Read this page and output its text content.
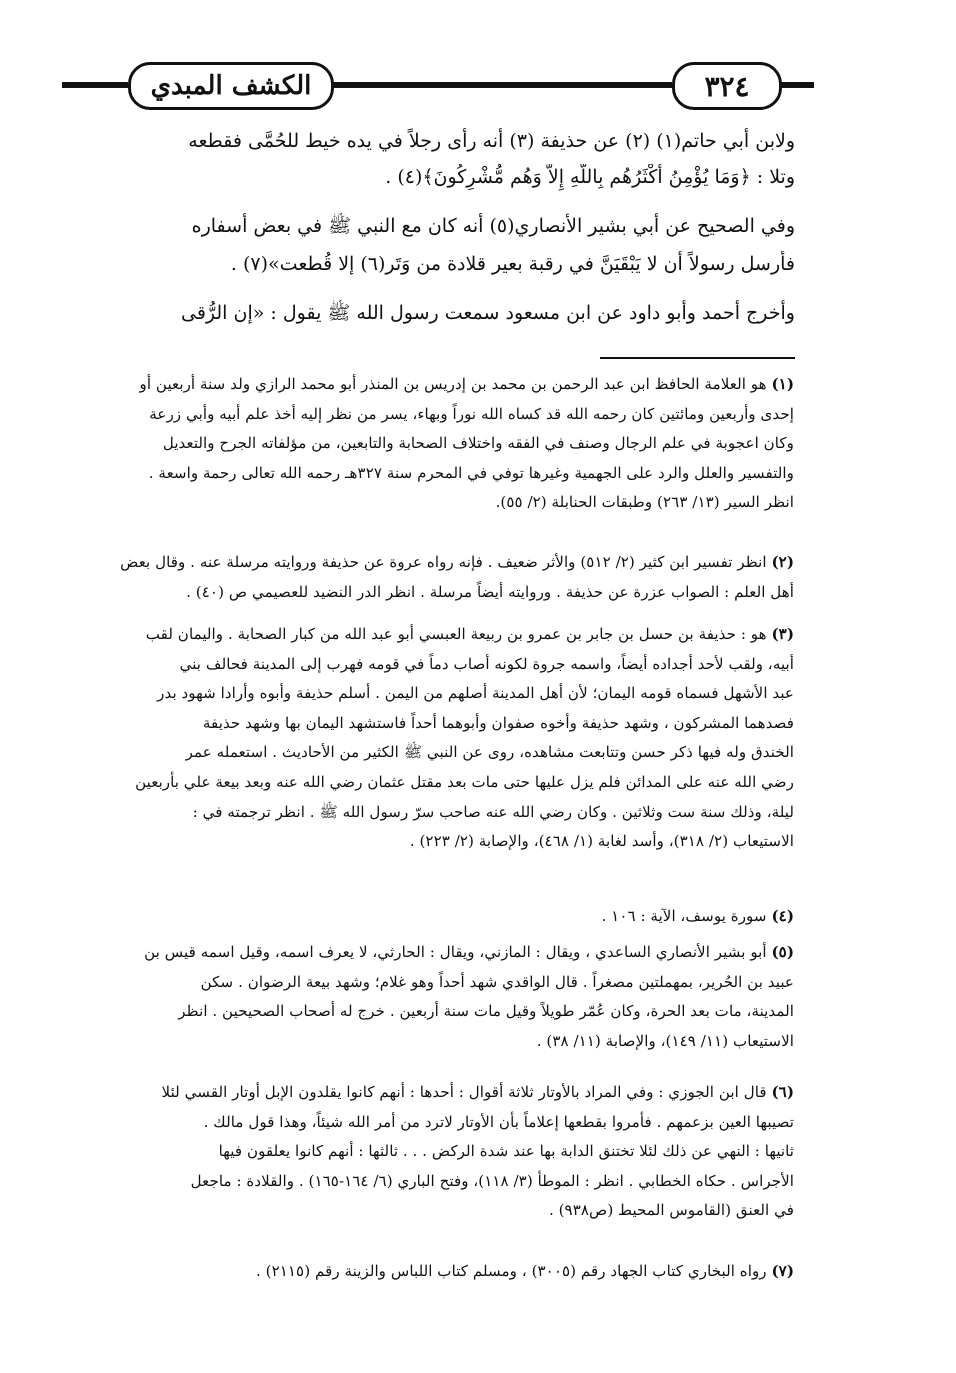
الكشف المبدي	٣٢٤
ولابن أبي حاتم(١) (٢) عن حذيفة (٣) أنه رأى رجلاً في يده خيط للحُمَّى فقطعه
وتلا : ﴿وَمَا يُؤْمِنُ أَكْثَرُهُم بِاللَّهِ إِلاَّ وَهُم مُّشْرِكُونَ﴾(٤) .
وفي الصحيح عن أبي بشير الأنصاري(٥) أنه كان مع النبي ﷺ في بعض أسفاره
فأرسل رسولاً أن لا يَبْقَيَنَّ في رقبة بعير قلادة من وَتَر(٦) إلا قُطعت»(٧) .
وأخرج أحمد وأبو داود عن ابن مسعود سمعت رسول الله ﷺ يقول : «إن الرُّقى
(١) هو العلامة الحافظ ابن عبد الرحمن بن محمد بن إدريس بن المنذر أبو محمد الرازي ولد سنة أربعين أو
إحدى وأربعين ومائتين كان رحمه الله قد كساه الله نوراً وبهاء، يسر من نظر إليه أخذ علم أبيه وأبي زرعة
وكان اعجوبة في علم الرجال وصنف في الفقه واختلاف الصحابة والتابعين، من مؤلفاته الجرح والتعديل
والتفسير والعلل والرد على الجهمية وغيرها توفي في المحرم سنة ٣٢٧هـ رحمه الله تعالى رحمة واسعة .
انظر السير (١٣/ ٢٦٣) وطبقات الحنابلة (٢/ ٥٥).
(٢) انظر تفسير ابن كثير (٢/ ٥١٢) والأثر ضعيف . فإنه رواه عروة عن حذيفة وروايته مرسلة عنه . وقال بعض
أهل العلم : الصواب عزرة عن حذيفة . وروايته أيضاً مرسلة . انظر الدر النضيد للعصيمي ص (٤٠) .
(٣) هو : حذيفة بن حسل بن جابر بن عمرو بن ربيعة العبسي أبو عبد الله من كبار الصحابة . واليمان لقب
أبيه، ولقب لأحد أجداده أيضاً، واسمه جروة لكونه أصاب دماً في قومه فهرب إلى المدينة فحالف بني
عبد الأشهل فسماه قومه اليمان؛ لأن أهل المدينة أصلهم من اليمن . أسلم حذيفة وأبوه وأرادا شهود بدر
فصدهما المشركون ، وشهد حذيفة وأخوه صفوان وأبوهما أحداً فاستشهد اليمان بها وشهد حذيفة
الخندق وله فيها ذكر حسن وتتابعت مشاهده، روى عن النبي ﷺ الكثير من الأحاديث . استعمله عمر
رضي الله عنه على المدائن فلم يزل عليها حتى مات بعد مقتل عثمان رضي الله عنه وبعد بيعة علي بأربعين
ليلة، وذلك سنة ست وثلاثين . وكان رضي الله عنه صاحب سرّ رسول الله ﷺ . انظر ترجمته في :
الاستيعاب (٢/ ٣١٨)، وأسد لغابة (١/ ٤٦٨)، والإصابة (٢/ ٢٢٣) .
(٤) سورة يوسف، الآية : ١٠٦ .
(٥) أبو بشير الأنصاري الساعدي ، ويقال : المازني، ويقال : الحارثي، لا يعرف اسمه، وقيل اسمه قيس بن
عبيد بن الحُرير، بمهملتين مصغراً . قال الواقدي شهد أحداً وهو غلام؛ وشهد بيعة الرضوان . سكن
المدينة، مات بعد الحرة، وكان عُمّر طويلاً وقيل مات سنة أربعين . خرج له أصحاب الصحيحين . انظر
الاستيعاب (١١/ ١٤٩)، والإصابة (١١/ ٣٨) .
(٦) قال ابن الجوزي : وفي المراد بالأوتار ثلاثة أقوال : أحدها : أنهم كانوا يقلدون الإبل أوتار القسي لئلا
تصيبها العين بزعمهم . فأمروا بقطعها إعلاماً بأن الأوتار لاترد من أمر الله شيئاً، وهذا قول مالك .
ثانيها : النهي عن ذلك لئلا تختنق الدابة بها عند شدة الركض . . . ثالثها : أنهم كانوا يعلقون فيها
الأجراس . حكاه الخطابي . انظر : الموطأ (٣/ ١١٨)، وفتح الباري (٦/ ١٦٤-١٦٥) . والقلادة : ماجعل
في العنق (القاموس المحيط (ص٩٣٨) .
(٧) رواه البخاري كتاب الجهاد رقم (٣٠٠٥) ، ومسلم كتاب اللباس والزينة رقم (٢١١٥) .
